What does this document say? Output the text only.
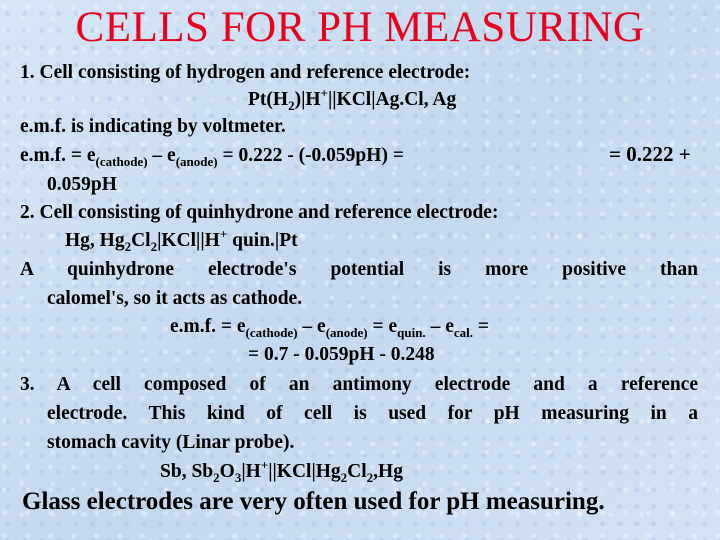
CELLS FOR PH MEASURING
1. Cell consisting of hydrogen and reference electrode:
$Pt(H_2)|H^+||KCl|Ag.Cl$, Ag
e.m.f. is indicating by voltmeter.
e.m.f. = $e_{(cathode)} - e_{(anode)} = 0.222 - (-0.059pH)$ =	= 0.222 +
0.059pH
2. Cell consisting of quinhydrone and reference electrode:
Hg, $Hg_2Cl_2|KCl||H^+$ quin.|Pt
A quinhydrone electrode's potential is more positive than
calomel's, so it acts as cathode.
e.m.f. = $e_{(cathode)} - e_{(anode)} = e_{quin.} - e_{cal.}$ =
= 0.7 - 0.059pH - 0.248
3. A cell composed of an antimony electrode and a reference
electrode. This kind of cell is used for pH measuring in a
stomach cavity (Linar probe).
Sb, $Sb_2O_3|H^+||KCl|Hg_2Cl_2,Hg$
Glass electrodes are very often used for pH measuring.
